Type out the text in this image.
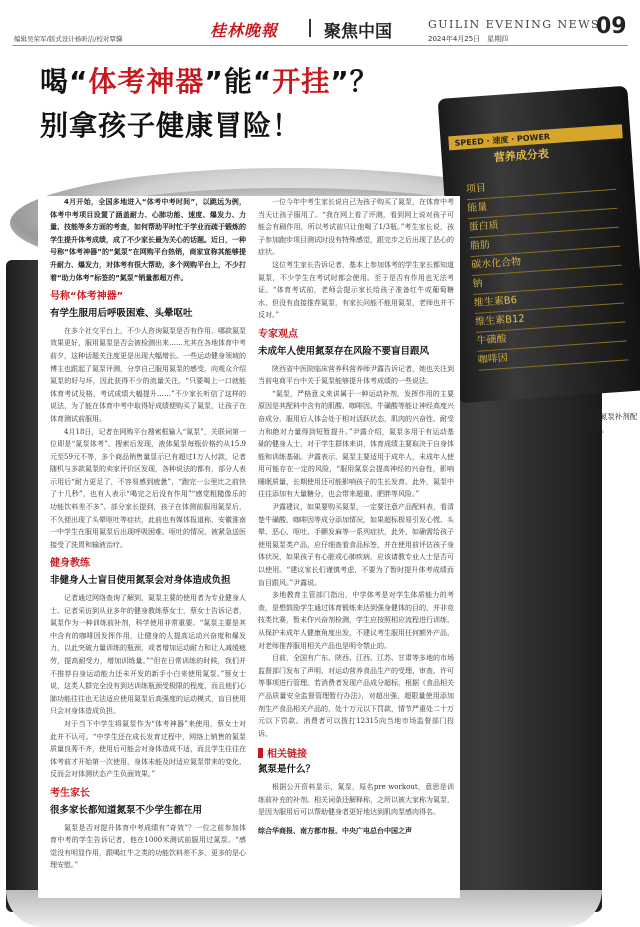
编辑吴荣军/版式设计杨昕洁/校对覃骥	桂林晚報	聚焦中国	GUILIN EVENING NEWS
2024年4月25日　星期四	09
SPEED · 速度 · POWER
营养成分表
项目
能量
蛋白质
脂肪
碳水化合物
钠
维生素B6
维生素B12
牛磺酸
咖啡因
⬆某氮泵补剂配料表。
喝“体考神器”能“开挂”？
别拿孩子健康冒险！

4月开始，全国多地进入“体考中考时间”，以跳远为例，体考中考项目设置了涵盖耐力、心肺功能、速度、爆发力、力量、技能等多方面的考查，如何帮助平时忙于学业而疏于锻炼的学生提升体考成绩，成了不少家长最为关心的话题。近日，一种号称“体考神器”的“氮泵”在网购平台热销，商家宣称其能够提升耐力、爆发力，对体考有很大帮助，多个网购平台上，不少打着“助力体考”标签的“氮泵”销量都超万件。

号称“体考神器”
有学生服用后呼吸困难、头晕呕吐

在多个社交平台上，不少人咨询氮泵是否有作用、哪款氮泵效果更好，服用氮泵是否会被检测出来……尤其在各地体育中考前夕，这种话题关注度更是出现大幅增长。一些运动健身领域的博主也跟起了氮泵评测，分享自己服用氮泵的感受，向观众介绍氮泵的好与坏，因此获得不少的流量关注。“只要喝上一口就能体育考试及格，考试成绩大幅提升……”不少家长听信了这样的说法，为了能在体育中考中取得好成绩便购买了氮泵，让孩子在体育测试前服用。

4月18日，记者在网购平台搜索框输入“氮泵”，关联词第一位即是“氮泵体考”。搜索后发现，液体氮泵每瓶价格约从15.9元至59元不等，多个商品销售量显示已有超过1万人付款，记者随机与多款氮泵的卖家评价区发现，各种说法的都有，部分人表示用后“耐力更足了，不容易感到疲惫”，“跑完一公里比之前快了十几秒”，也有人表示“喝完之后没有作用”“感觉粗糙像乐的功能饮料差不多”。部分家长提到，孩子在体测前服用氮泵后，不久便出现了头晕呕吐等症状，此前也有媒体报道称，安徽淮南一中学生在服用氮泵后出现呼吸困难、呕吐的情况，被紧急送医接受了洗胃和输液治疗。

健身教练
非健身人士盲目使用氮泵会对身体造成负担

记者通过网络查询了解到，氮泵主要的使用者为专业健身人士。记者采访到从业多年的健身教练蔡女士，蔡女士告诉记者，氮泵作为一种训练前补剂，科学使用非常重要。“氮泵主要是其中含有的咖啡因发挥作用，让健身的人提高运动兴奋度和爆发力，以此突破力量训练的瓶颈，或者增加运动耐力和让人减缓疲劳，提高耐受力，增加训练量。”“但在日常训练的时候，我们并不推荐自身运动能力还未开发的新手小白来使用氮泵。”蔡女士说，这类人群完全没有到达训练瓶颈受极限的程度，而且他们心肺功能往往也无法适应使用氮泵后高强度的运动模式，盲目使用只会对身体造成负担。

对于当下中学生将氮泵作为“体考神器”来使用，蔡女士对此并不认可。“中学生还在成长发育过程中，网络上销售的氮泵质量良莠不齐，使用后可能会对身体造成不适，而且学生往往在体考前才开始第一次使用，身体未能及时适应氮泵带来的变化，反而会对体测状态产生负面效果。”

考生家长
很多家长都知道氮泵不少学生都在用

氮泵是否对提升体育中考成绩有“奇效”？一位之前参加体育中考的学生告诉记者，他在1000米测试前服用过氮泵。“感觉没有明显作用，跟喝红牛之类的功能饮料差不多，更多的是心理安慰。”

一位今年中考生家长说自己为孩子购买了氮泵，在体育中考当天让孩子服用了。“我在网上看了评测，看到网上说对孩子可能会有刷作用，所以考试前只让他喝了1/3瓶。”考生家长说，孩子参加跑步项目测试时没有特殊感觉，跟完步之后出现了恶心的症状。

这位考生家长告诉记者，基本上参加体考的学生家长都知道氮泵，不少学生在考试时都会使用。至于是否有作用也无法考证。“体育考试前，老师会提示家长给孩子准备红牛或葡萄糖水，但没有直接推荐氮泵，有家长问能不能用氮泵，老师也并不反对。”

专家观点
未成年人使用氮泵存在风险不要盲目跟风

陕西省中医院临床营养科营养师尹露告诉记者，她也关注到当前电商平台中关于氮泵能够提升体考成绩的一些说法。

“氮泵，严格意义来讲属于一种运动补剂，发挥作用的主要原因是其配料中含有的肌酸、咖啡因、牛磺酸等能让神经高度兴奋成分，服用后人体会处于相对活跃状态，肌肉的兴奋性、耐受力和绝对力量得到短暂提升。”尹露介绍，氮泵多用于有运动基础的健身人士，对于学生群体来讲，体育成绩主要取决于自身体能和训练基础。尹露表示，氮泵主要适用于成年人，未成年人使用可能存在一定的风险，“服用氮泵会提高神经的兴奋性，影响睡眠质量，长期使用还可能影响孩子的生长发育。此外，氮泵中往往添加有大量糖分，也会带来超重、肥胖等风险。”

尹露建议，如果要购买氮泵，一定要注意产品配料表，看清楚牛磺酸、咖啡因等成分添加情况，如果超标极易引发心慌、头晕、恶心、呕吐、手颤发麻等一系列症状，此外，如确需给孩子使用氮泵类产品，应仔细查看食品标签，并在使用前评估孩子身体状况，如果孩子有心脏或心肺疾病，应该请教专业人士是否可以使用。“建议家长们谨慎考虑，不要为了暂时提升体考成绩而盲目跟风。”尹露说。

多地教育主管部门指出，中学体考是对学生体质能力的考查，是想鼓励学生通过体育锻炼来达到强身健体的目的，并非竞技类比赛，暂未作兴奋剂检测，学生应按照相应流程进行训练，从保护未成年人健康角度出发，不建议考生服用任何额外产品，对老师推荐服用相关产品也是明令禁止的。

目前，全国有广东、陕西、江西、江苏、甘肃等多地的市场监督部门发布了声明，对运动营养食品生产的受理、审查、许可等事项进行管理。若消费者发现产品成分超标，根据《食品相关产品质量安全监督管理暂行办法》，对超出强、超限量使用添加剂生产食品相关产品的，处十万元以下罚款，情节严重处二十万元以下罚款。消费者可以拨打12315向当地市场监督部门投诉。

相关链接
氮泵是什么？

根据公开资料显示，氮泵，原名pre workout，意思是训练前补充的补剂。相关词条还解释称，之所以被大家称为氮泵，是因为服用后可以帮助健身者更好地达到肌肉泵感肉得名。

综合华商报、南方都市报、中央广电总台中国之声
